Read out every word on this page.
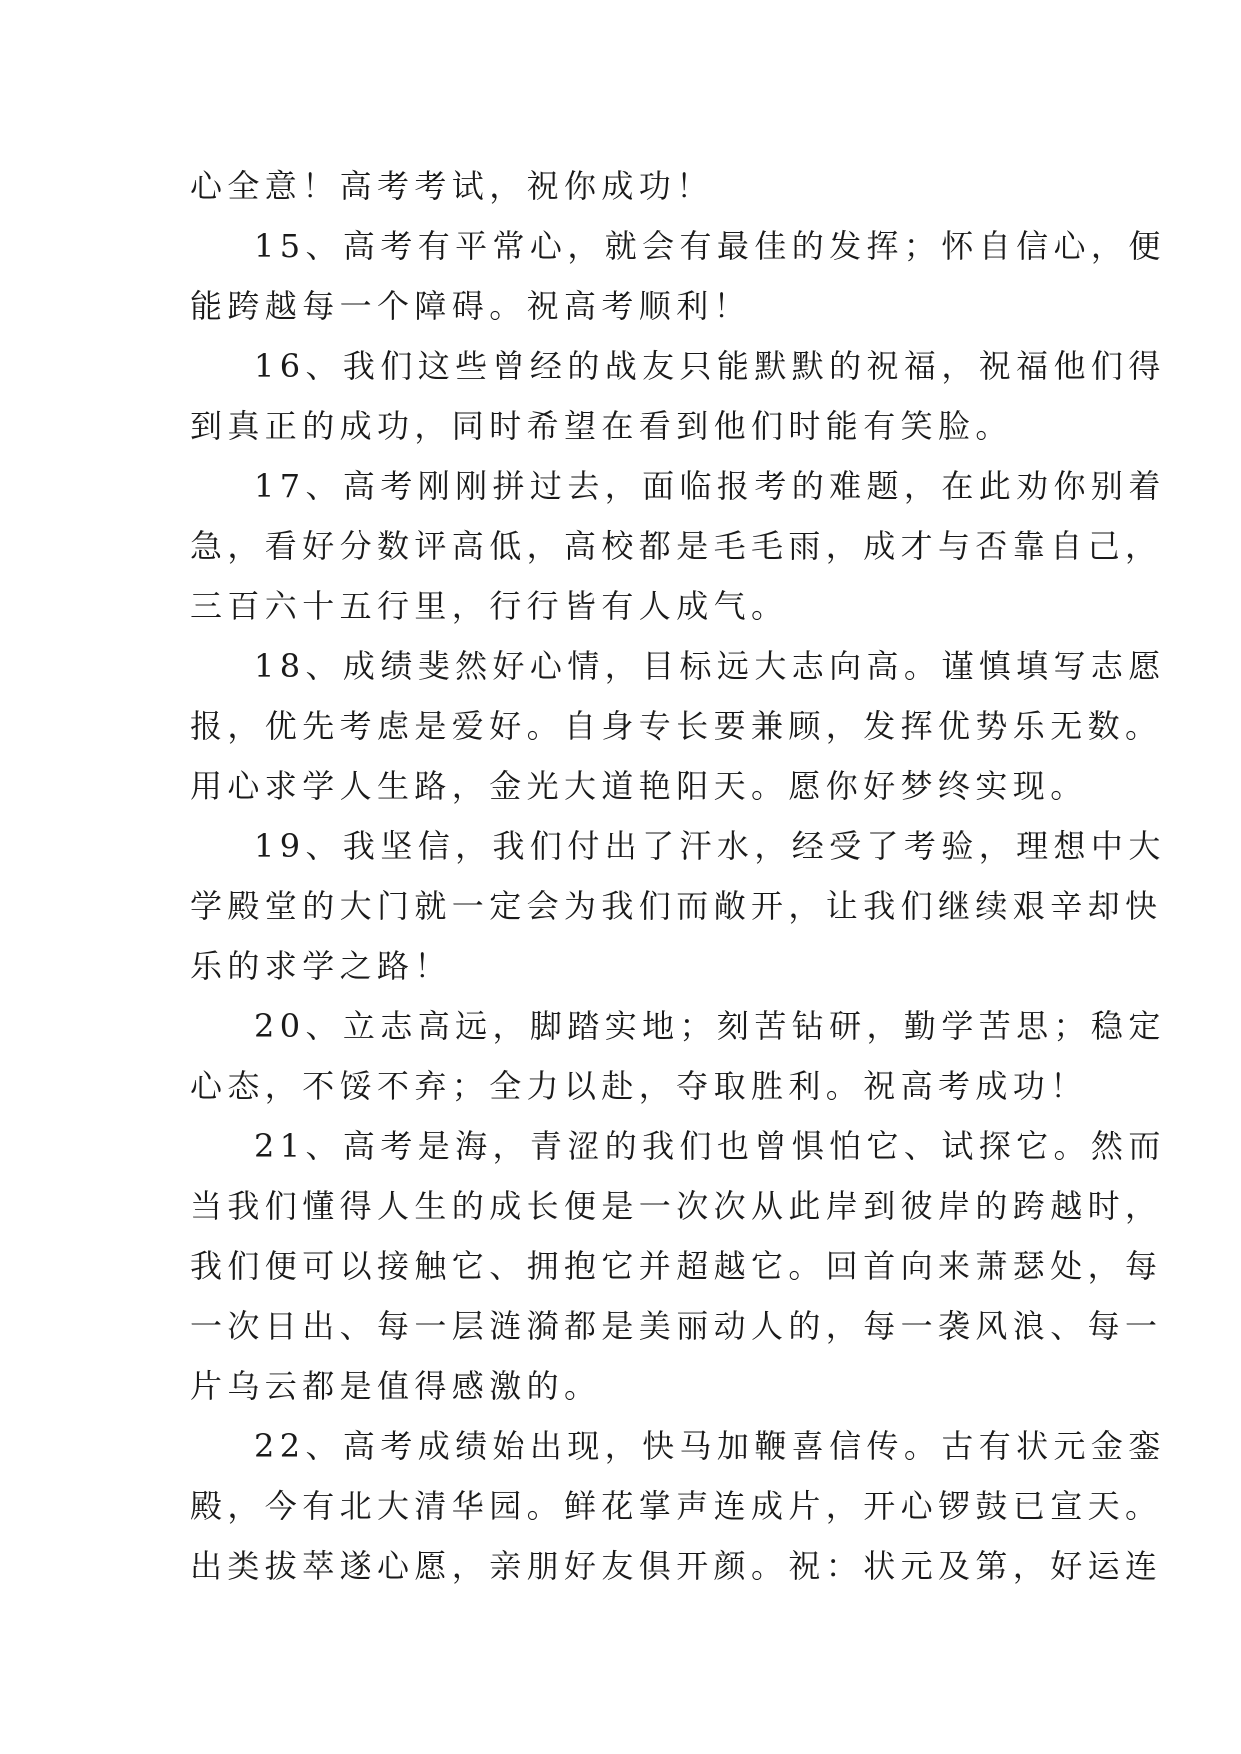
心全意！高考考试，祝你成功！
15、高考有平常心，就会有最佳的发挥；怀自信心，便
能跨越每一个障碍。祝高考顺利！
16、我们这些曾经的战友只能默默的祝福，祝福他们得
到真正的成功，同时希望在看到他们时能有笑脸。
17、高考刚刚拼过去，面临报考的难题，在此劝你别着
急，看好分数评高低，高校都是毛毛雨，成才与否靠自己，
三百六十五行里，行行皆有人成气。
18、成绩斐然好心情，目标远大志向高。谨慎填写志愿
报，优先考虑是爱好。自身专长要兼顾，发挥优势乐无数。
用心求学人生路，金光大道艳阳天。愿你好梦终实现。
19、我坚信，我们付出了汗水，经受了考验，理想中大
学殿堂的大门就一定会为我们而敞开，让我们继续艰辛却快
乐的求学之路！
20、立志高远，脚踏实地；刻苦钻研，勤学苦思；稳定
心态，不馁不弃；全力以赴，夺取胜利。祝高考成功！
21、高考是海，青涩的我们也曾惧怕它、试探它。然而
当我们懂得人生的成长便是一次次从此岸到彼岸的跨越时，
我们便可以接触它、拥抱它并超越它。回首向来萧瑟处，每
一次日出、每一层涟漪都是美丽动人的，每一袭风浪、每一
片乌云都是值得感激的。
22、高考成绩始出现，快马加鞭喜信传。古有状元金銮
殿，今有北大清华园。鲜花掌声连成片，开心锣鼓已宣天。
出类拔萃遂心愿，亲朋好友俱开颜。祝：状元及第，好运连
